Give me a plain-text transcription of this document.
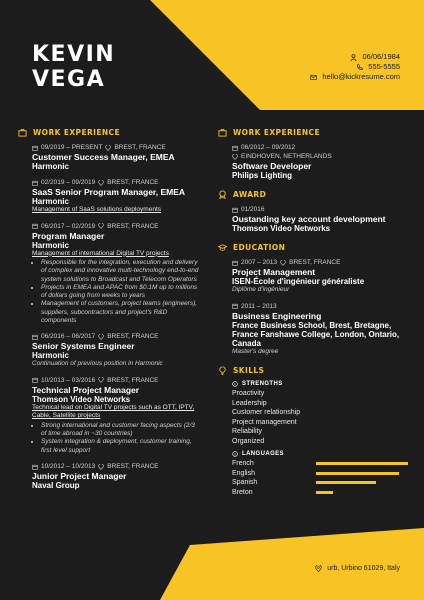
KEVIN
VEGA
06/06/1984
555-5555
hello@kickresume.com
WORK EXPERIENCE
09/2019 – PRESENT BREST, FRANCE
Customer Success Manager, EMEA
Harmonic
02/2019 – 09/2019 BREST, FRANCE
SaaS Senior Program Manager, EMEA
Harmonic
Management of SaaS solutions deployments
06/2017 – 02/2019 BREST, FRANCE
Program Manager
Harmonic
Management of international Digital TV projects
• Responsible for the integration, execution and delivery of complex and innovative multi-technology end-to-end system solutions to Broadcast and Telecom Operators
• Projects in EMEA and APAC from $0.1M up to millions of dollars going from weeks to years
• Management of customers, project teams (engineers), suppliers, subcontractors and project’s R&D components
06/2016 – 06/2017 BREST, FRANCE
Senior Systems Engineer
Harmonic
Continuation of previous position in Harmonic
10/2013 – 03/2016 BREST, FRANCE
Technical Project Manager
Thomson Video Networks
Technical lead on Digital TV projects such as OTT, IPTV, Cable, Satellite projects
• Strong international and customer facing aspects (2/3 of time abroad in ~30 countries)
• System integration & deployment, customer training, first level support
10/2012 – 10/2013 BREST, FRANCE
Junior Project Manager
Naval Group
WORK EXPERIENCE
06/2012 – 09/2012
EINDHOVEN, NETHERLANDS
Software Developer
Philips Lighting
AWARD
01/2016
Oustanding key account development
Thomson Video Networks
EDUCATION
2007 – 2013 BREST, FRANCE
Project Management
ISEN-École d'ingénieur généraliste
Diplôme d'ingénieur
2011 – 2013
Business Engineering
France Business School, Brest, Bretagne, France Fanshawe College, London, Ontario, Canada
Master's degree
SKILLS
STRENGTHS
Proactivity
Leadership
Customer relationship
Project management
Reliability
Organized
LANGUAGES
French
English
Spanish
Breton
urb, Urbino 61029, Italy
